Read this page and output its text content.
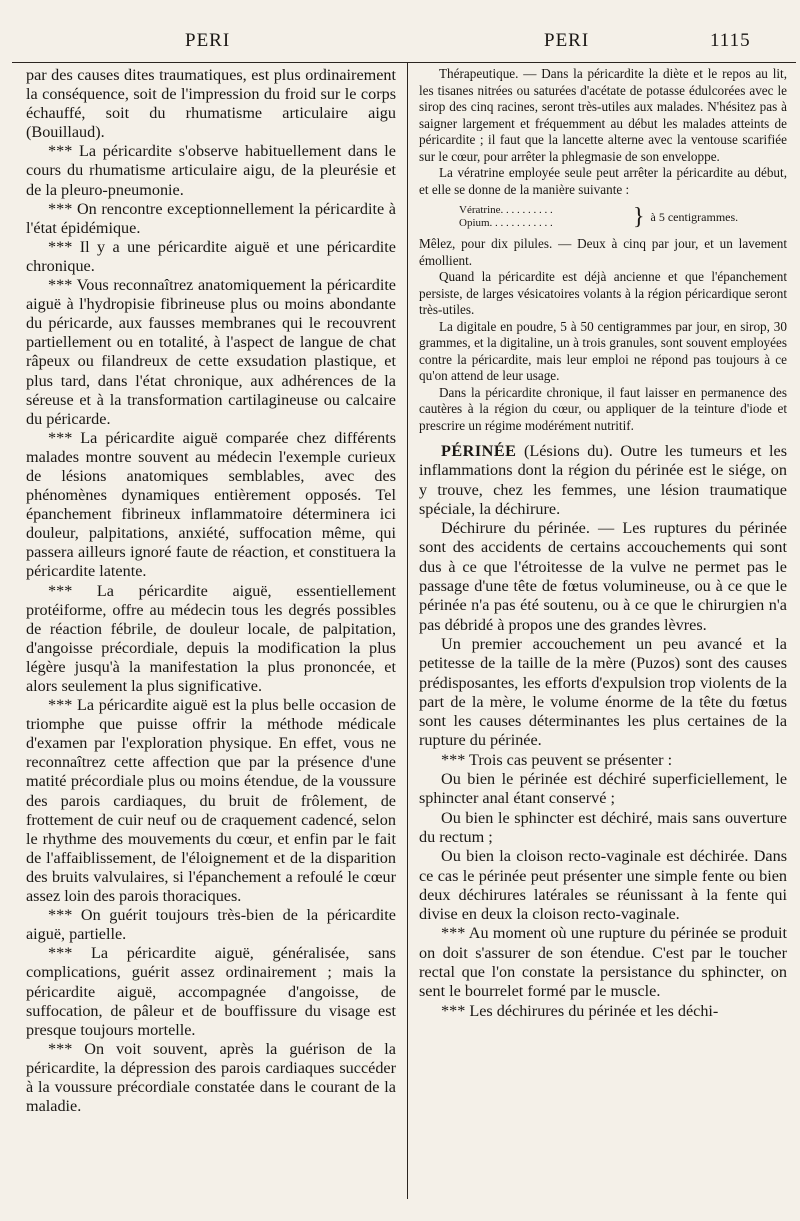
PERI	PERI	1115

par des causes dites traumatiques, est plus ordinairement la conséquence, soit de l'impression du froid sur le corps échauffé, soit du rhumatisme articulaire aigu (Bouillaud).

*** La péricardite s'observe habituellement dans le cours du rhumatisme articulaire aigu, de la pleurésie et de la pleuro-pneumonie.

*** On rencontre exceptionnellement la péricardite à l'état épidémique.

*** Il y a une péricardite aiguë et une péricardite chronique.

*** Vous reconnaîtrez anatomiquement la péricardite aiguë à l'hydropisie fibrineuse plus ou moins abondante du péricarde, aux fausses membranes qui le recouvrent partiellement ou en totalité, à l'aspect de langue de chat râpeux ou filandreux de cette exsudation plastique, et plus tard, dans l'état chronique, aux adhérences de la séreuse et à la transformation cartilagineuse ou calcaire du péricarde.

*** La péricardite aiguë comparée chez différents malades montre souvent au médecin l'exemple curieux de lésions anatomiques semblables, avec des phénomènes dynamiques entièrement opposés. Tel épanchement fibrineux inflammatoire déterminera ici douleur, palpitations, anxiété, suffocation même, qui passera ailleurs ignoré faute de réaction, et constituera la péricardite latente.

*** La péricardite aiguë, essentiellement protéiforme, offre au médecin tous les degrés possibles de réaction fébrile, de douleur locale, de palpitation, d'angoisse précordiale, depuis la modification la plus légère jusqu'à la manifestation la plus prononcée, et alors seulement la plus significative.

*** La péricardite aiguë est la plus belle occasion de triomphe que puisse offrir la méthode médicale d'examen par l'exploration physique. En effet, vous ne reconnaîtrez cette affection que par la présence d'une matité précordiale plus ou moins étendue, de la voussure des parois cardiaques, du bruit de frôlement, de frottement de cuir neuf ou de craquement cadencé, selon le rhythme des mouvements du cœur, et enfin par le fait de l'affaiblissement, de l'éloignement et de la disparition des bruits valvulaires, si l'épanchement a refoulé le cœur assez loin des parois thoraciques.

*** On guérit toujours très-bien de la péricardite aiguë, partielle.

*** La péricardite aiguë, généralisée, sans complications, guérit assez ordinairement ; mais la péricardite aiguë, accompagnée d'angoisse, de suffocation, de pâleur et de bouffissure du visage est presque toujours mortelle.

*** On voit souvent, après la guérison de la péricardite, la dépression des parois cardiaques succéder à la voussure précordiale constatée dans le courant de la maladie.

Thérapeutique. — Dans la péricardite la diète et le repos au lit, les tisanes nitrées ou saturées d'acétate de potasse édulcorées avec le sirop des cinq racines, seront très-utiles aux malades. N'hésitez pas à saigner largement et fréquemment au début les malades atteints de péricardite ; il faut que la lancette alterne avec la ventouse scarifiée sur le cœur, pour arrêter la phlegmasie de son enveloppe.

La vératrine employée seule peut arrêter la péricardite au début, et elle se donne de la manière suivante :

Vératrine. . . . . . . . . .
Opium. . . . . . . . . . . .	} à 5 centigrammes.

Mêlez, pour dix pilules. — Deux à cinq par jour, et un lavement émollient.

Quand la péricardite est déjà ancienne et que l'épanchement persiste, de larges vésicatoires volants à la région péricardique seront très-utiles.

La digitale en poudre, 5 à 50 centigrammes par jour, en sirop, 30 grammes, et la digitaline, un à trois granules, sont souvent employées contre la péricardite, mais leur emploi ne répond pas toujours à ce qu'on attend de leur usage.

Dans la péricardite chronique, il faut laisser en permanence des cautères à la région du cœur, ou appliquer de la teinture d'iode et prescrire un régime modérément nutritif.

PÉRINÉE (Lésions du). Outre les tumeurs et les inflammations dont la région du périnée est le siége, on y trouve, chez les femmes, une lésion traumatique spéciale, la déchirure.

Déchirure du périnée. — Les ruptures du périnée sont des accidents de certains accouchements qui sont dus à ce que l'étroitesse de la vulve ne permet pas le passage d'une tête de fœtus volumineuse, ou à ce que le périnée n'a pas été soutenu, ou à ce que le chirurgien n'a pas débridé à propos une des grandes lèvres.

Un premier accouchement un peu avancé et la petitesse de la taille de la mère (Puzos) sont des causes prédisposantes, les efforts d'expulsion trop violents de la part de la mère, le volume énorme de la tête du fœtus sont les causes déterminantes les plus certaines de la rupture du périnée.

*** Trois cas peuvent se présenter :

Ou bien le périnée est déchiré superficiellement, le sphincter anal étant conservé ;

Ou bien le sphincter est déchiré, mais sans ouverture du rectum ;

Ou bien la cloison recto-vaginale est déchirée. Dans ce cas le périnée peut présenter une simple fente ou bien deux déchirures latérales se réunissant à la fente qui divise en deux la cloison recto-vaginale.

*** Au moment où une rupture du périnée se produit on doit s'assurer de son étendue. C'est par le toucher rectal que l'on constate la persistance du sphincter, on sent le bourrelet formé par le muscle.

*** Les déchirures du périnée et les déchi-
